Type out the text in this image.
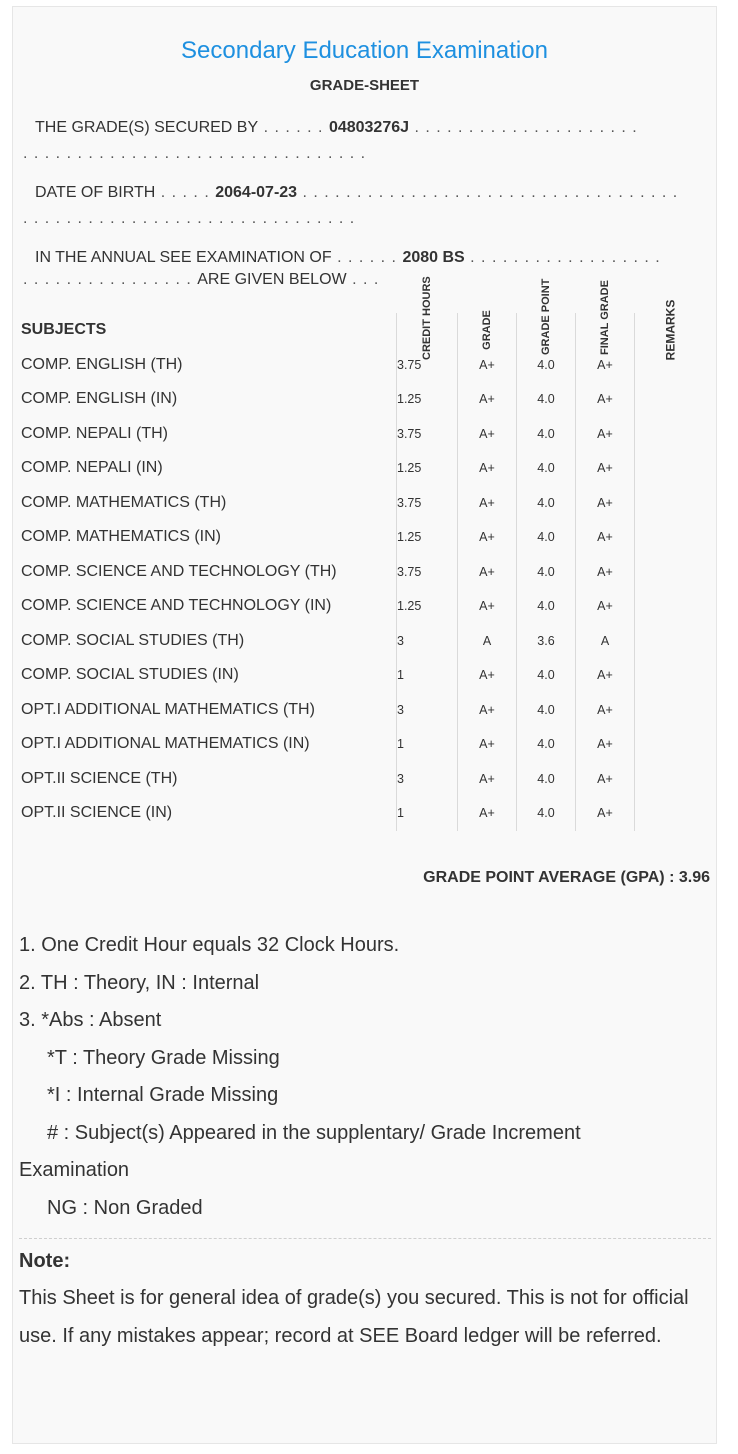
Secondary Education Examination
GRADE-SHEET
THE GRADE(S) SECURED BY . . . . . . 04803276J . . . . . . . . . . . . . . . . . . . . .
. . . . . . . . . . . . . . . . . . . . . . . . . . . . . . . .
DATE OF BIRTH . . . . . 2064-07-23 . . . . . . . . . . . . . . . . . . . . . . . . . . . . . . . . . . .
. . . . . . . . . . . . . . . . . . . . . . . . . . . . . . .
IN THE ANNUAL SEE EXAMINATION OF . . . . . . 2080 BS . . . . . . . . . . . . . . . . . .
. . . . . . . . . . . . . . . . ARE GIVEN BELOW . . .
SUBJECTS	CREDIT HOURS	GRADE	GRADE POINT	FINAL GRADE	REMARKS
COMP. ENGLISH (TH)	3.75	A+	4.0	A+	
COMP. ENGLISH (IN)	1.25	A+	4.0	A+	
COMP. NEPALI (TH)	3.75	A+	4.0	A+	
COMP. NEPALI (IN)	1.25	A+	4.0	A+	
COMP. MATHEMATICS (TH)	3.75	A+	4.0	A+	
COMP. MATHEMATICS (IN)	1.25	A+	4.0	A+	
COMP. SCIENCE AND TECHNOLOGY (TH)	3.75	A+	4.0	A+	
COMP. SCIENCE AND TECHNOLOGY (IN)	1.25	A+	4.0	A+	
COMP. SOCIAL STUDIES (TH)	3	A	3.6	A	
COMP. SOCIAL STUDIES (IN)	1	A+	4.0	A+	
OPT.I ADDITIONAL MATHEMATICS (TH)	3	A+	4.0	A+	
OPT.I ADDITIONAL MATHEMATICS (IN)	1	A+	4.0	A+	
OPT.II SCIENCE (TH)	3	A+	4.0	A+	
OPT.II SCIENCE (IN)	1	A+	4.0	A+	
GRADE POINT AVERAGE (GPA) : 3.96
1. One Credit Hour equals 32 Clock Hours.
2. TH : Theory, IN : Internal
3. *Abs : Absent
*T : Theory Grade Missing
*I : Internal Grade Missing
# : Subject(s) Appeared in the supplentary/ Grade Increment
Examination
NG : Non Graded
Note:
This Sheet is for general idea of grade(s) you secured. This is not for official use. If any mistakes appear; record at SEE Board ledger will be referred.
